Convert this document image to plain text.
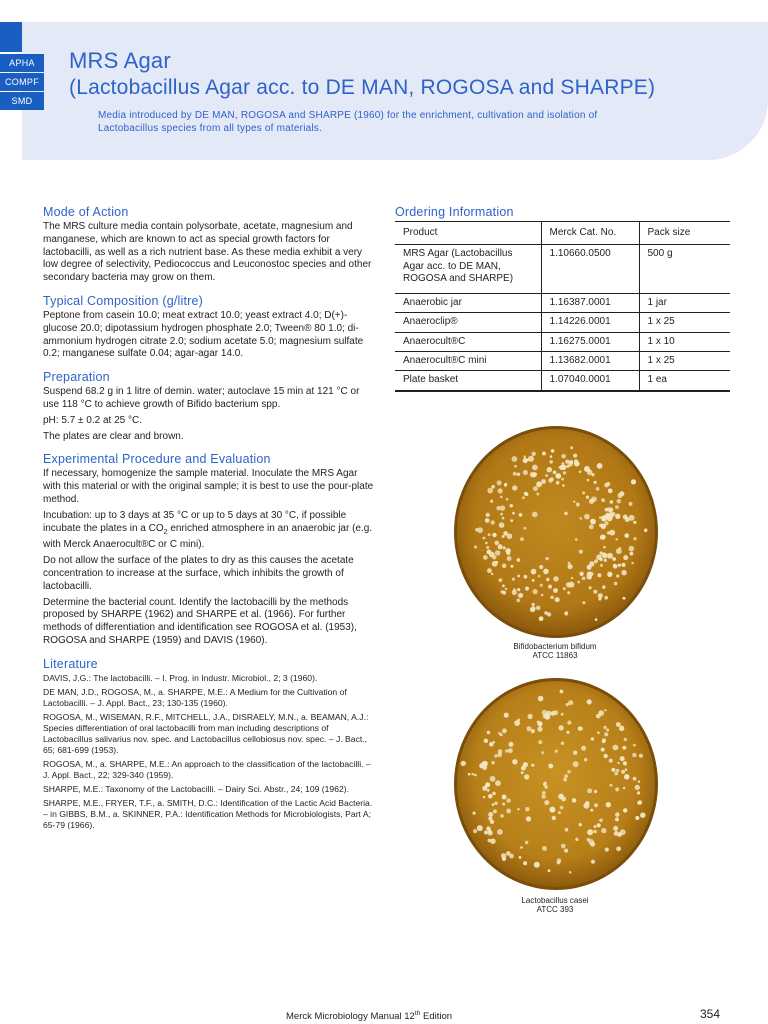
APHA
COMPF
SMD
MRS Agar
(Lactobacillus Agar acc. to DE MAN, ROGOSA and SHARPE)
Media introduced by DE MAN, ROGOSA and SHARPE (1960) for the enrichment, cultivation and isolation of
Lactobacillus species from all types of materials.
Mode of Action
The MRS culture media contain polysorbate, acetate, magnesium and manganese, which are known to act as special growth factors for lactobacilli, as well as a rich nutrient base. As these media exhibit a very low degree of selectivity, Pediococcus and Leuconostoc species and other secondary bacteria may grow on them.
Typical Composition (g/litre)
Peptone from casein 10.0; meat extract 10.0; yeast extract 4.0; D(+)-glucose 20.0; dipotassium hydrogen phosphate 2.0; Tween® 80 1.0; di-ammonium hydrogen citrate 2.0; sodium acetate 5.0; magnesium sulfate 0.2; manganese sulfate 0.04; agar-agar 14.0.
Preparation
Suspend 68.2 g in 1 litre of demin. water; autoclave 15 min at 121 °C or use 118 °C to achieve growth of Bifido bacterium spp.
pH: 5.7 ± 0.2 at 25 °C.
The plates are clear and brown.
Experimental Procedure and Evaluation
If necessary, homogenize the sample material. Inoculate the MRS Agar with this material or with the original sample; it is best to use the pour-plate method.
Incubation: up to 3 days at 35 °C or up to 5 days at 30 °C, if possible incubate the plates in a $CO_2$ enriched atmosphere in an anaerobic jar (e.g. with Merck Anaerocult®C or C mini).
Do not allow the surface of the plates to dry as this causes the acetate concentration to increase at the surface, which inhibits the growth of lactobacilli.
Determine the bacterial count. Identify the lactobacilli by the methods proposed by SHARPE (1962) and SHARPE et al. (1966). For further methods of differentiation and identification see ROGOSA et al. (1953), ROGOSA and SHARPE (1959) and DAVIS (1960).
Literature
DAVIS, J.G.: The lactobacilli. – I. Prog. in Industr. Microbiol., 2; 3 (1960).
DE MAN, J.D., ROGOSA, M., a. SHARPE, M.E.: A Medium for the Cultivation of Lactobacilli. – J. Appl. Bact., 23; 130-135 (1960).
ROGOSA, M., WISEMAN, R.F., MITCHELL, J.A., DISRAELY, M.N., a. BEAMAN, A.J.: Species differentiation of oral lactobacilli from man including descriptions of Lactobacillus salivarius nov. spec. and Lactobacillus cellobiosus nov. spec. – J. Bact., 65; 681-699 (1953).
ROGOSA, M., a. SHARPE, M.E.: An approach to the classification of the lactobacilli. – J. Appl. Bact., 22; 329-340 (1959).
SHARPE, M.E.: Taxonomy of the Lactobacilli. – Dairy Sci. Abstr., 24; 109 (1962).
SHARPE, M.E., FRYER, T.F., a. SMITH, D.C.: Identification of the Lactic Acid Bacteria. – in GIBBS, B.M., a. SKINNER, P.A.: Identification Methods for Microbiologists, Part A; 65-79 (1966).
Ordering Information
Product	Merck Cat. No.	Pack size
MRS Agar (Lactobacillus Agar acc. to DE MAN, ROGOSA and SHARPE)	1.10660.0500	500 g
Anaerobic jar	1.16387.0001	1 jar
Anaeroclip®	1.14226.0001	1 x 25
Anaerocult®C	1.16275.0001	1 x 10
Anaerocult®C mini	1.13682.0001	1 x 25
Plate basket	1.07040.0001	1 ea
Bifidobacterium bifidum
ATCC 11863
Lactobacillus casei
ATCC 393
Merck Microbiology Manual 12th Edition	354
